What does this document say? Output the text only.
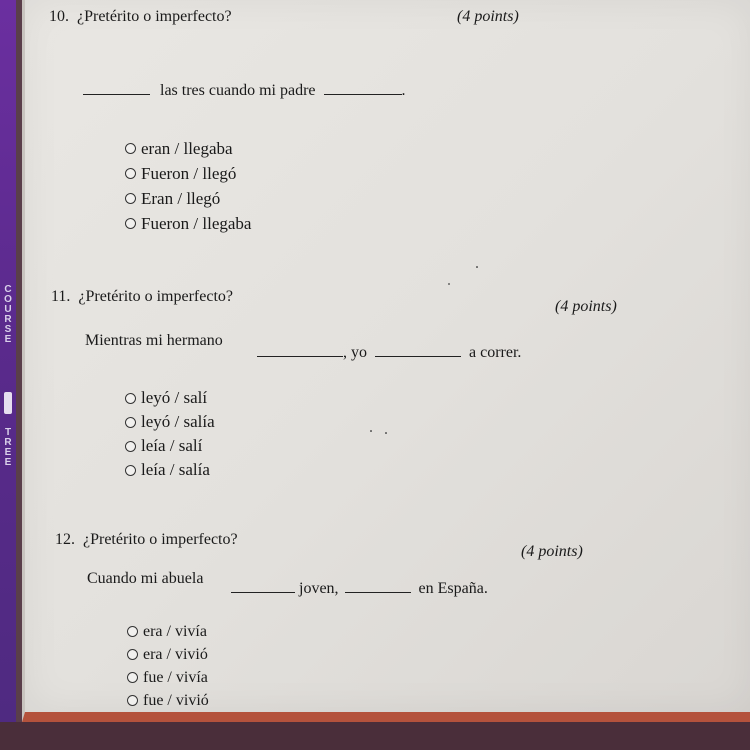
C
O
U
R
S
E
T
R
E
E
10. ¿Pretérito o imperfecto?	(4 points)
las tres cuando mi padre	.
eran / llegaba
Fueron / llegó
Eran / llegó
Fueron / llegaba
11. ¿Pretérito o imperfecto?
(4 points)
Mientras mi hermano
, yo	a correr.
leyó / salí
leyó / salía
leía / salí
leía / salía
12. ¿Pretérito o imperfecto?
(4 points)
Cuando mi abuela
joven,	en España.
era / vivía
era / vivió
fue / vivía
fue / vivió
